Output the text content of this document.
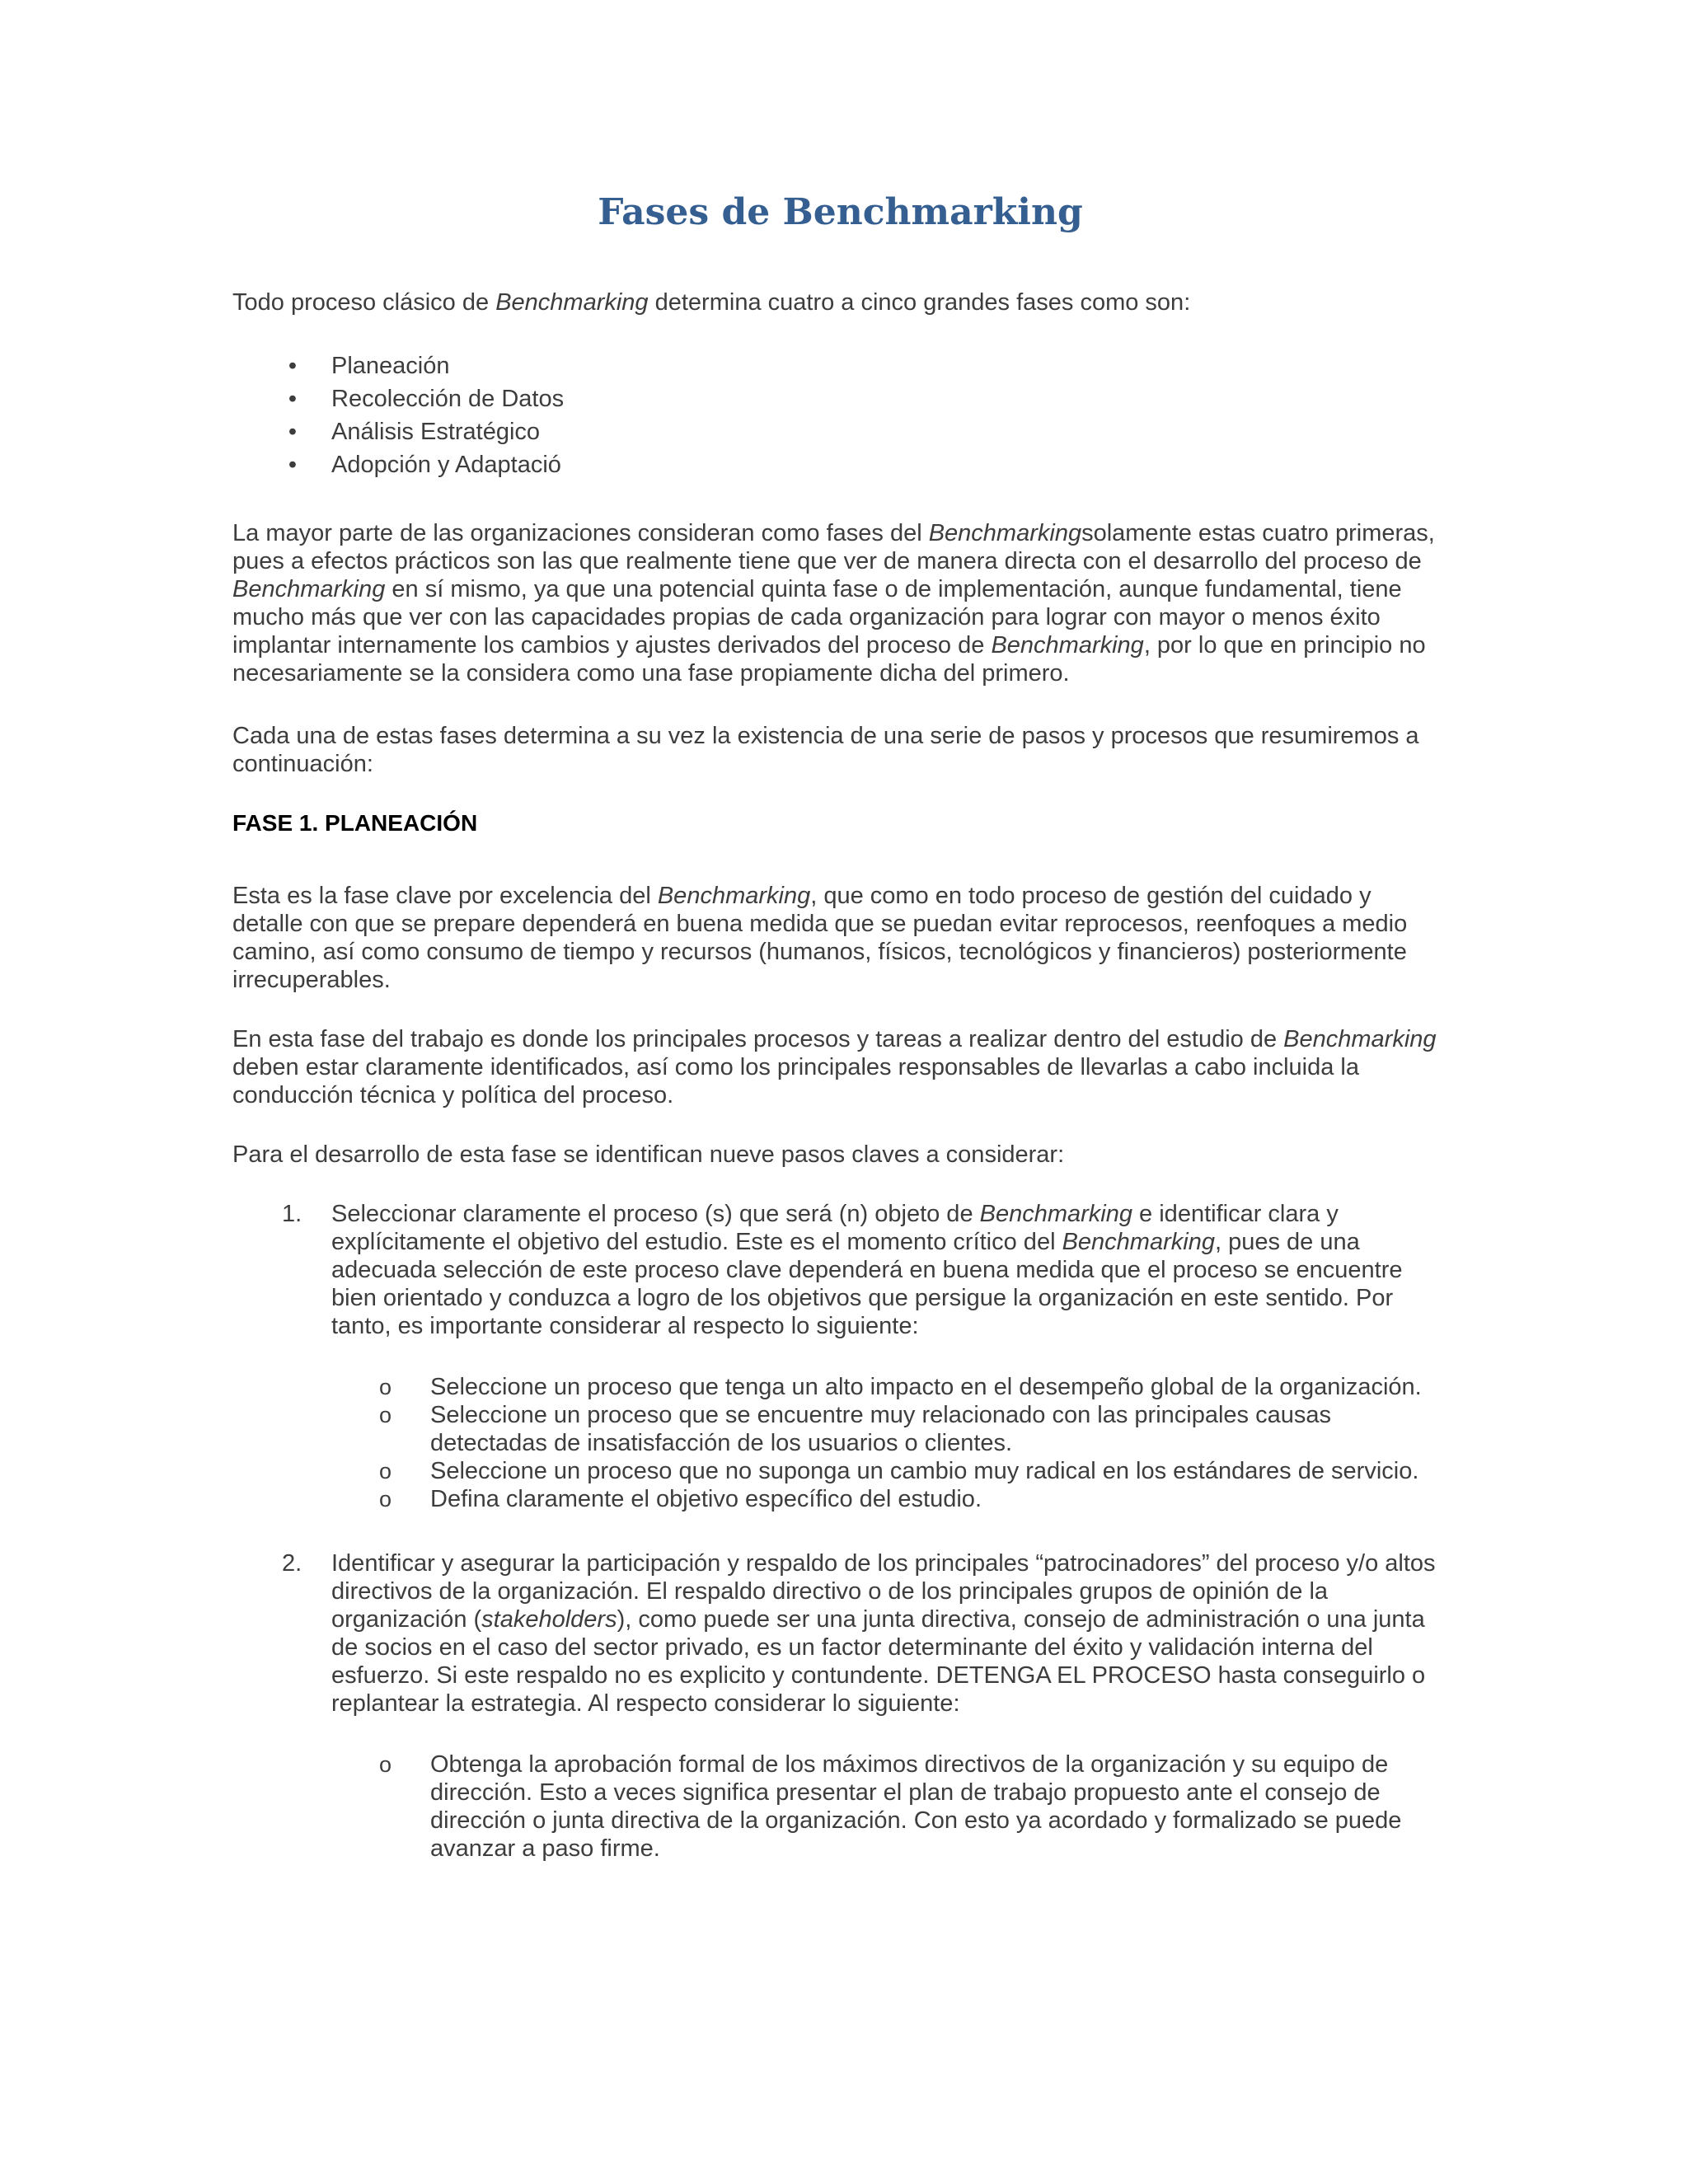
Fases de Benchmarking

Todo proceso clásico de Benchmarking determina cuatro a cinco grandes fases como son:

•	Planeación
•	Recolección de Datos
•	Análisis Estratégico
•	Adopción y Adaptació

La mayor parte de las organizaciones consideran como fases del Benchmarkingsolamente estas cuatro primeras, pues a efectos prácticos son las que realmente tiene que ver de manera directa con el desarrollo del proceso de Benchmarking en sí mismo, ya que una potencial quinta fase o de implementación, aunque fundamental, tiene mucho más que ver con las capacidades propias de cada organización para lograr con mayor o menos éxito implantar internamente los cambios y ajustes derivados del proceso de Benchmarking, por lo que en principio no necesariamente se la considera como una fase propiamente dicha del primero.

Cada una de estas fases determina a su vez la existencia de una serie de pasos y procesos que resumiremos a continuación:

FASE 1. PLANEACIÓN

Esta es la fase clave por excelencia del Benchmarking, que como en todo proceso de gestión del cuidado y detalle con que se prepare dependerá en buena medida que se puedan evitar reprocesos, reenfoques a medio camino, así como consumo de tiempo y recursos (humanos, físicos, tecnológicos y financieros) posteriormente irrecuperables.

En esta fase del trabajo es donde los principales procesos y tareas a realizar dentro del estudio de Benchmarking deben estar claramente identificados, así como los principales responsables de llevarlas a cabo incluida la conducción técnica y política del proceso.

Para el desarrollo de esta fase se identifican nueve pasos claves a considerar:

1.	Seleccionar claramente el proceso (s) que será (n) objeto de Benchmarking e identificar clara y explícitamente el objetivo del estudio. Este es el momento crítico del Benchmarking, pues de una adecuada selección de este proceso clave dependerá en buena medida que el proceso se encuentre bien orientado y conduzca a logro de los objetivos que persigue la organización en este sentido. Por tanto, es importante considerar al respecto lo siguiente:

o Seleccione un proceso que tenga un alto impacto en el desempeño global de la organización.
o Seleccione un proceso que se encuentre muy relacionado con las principales causas detectadas de insatisfacción de los usuarios o clientes.
o Seleccione un proceso que no suponga un cambio muy radical en los estándares de servicio.
o Defina claramente el objetivo específico del estudio.
2.	Identificar y asegurar la participación y respaldo de los principales “patrocinadores” del proceso y/o altos directivos de la organización. El respaldo directivo o de los principales grupos de opinión de la organización (stakeholders), como puede ser una junta directiva, consejo de administración o una junta de socios en el caso del sector privado, es un factor determinante del éxito y validación interna del esfuerzo. Si este respaldo no es explicito y contundente. DETENGA EL PROCESO hasta conseguirlo o replantear la estrategia. Al respecto considerar lo siguiente:

o Obtenga la aprobación formal de los máximos directivos de la organización y su equipo de dirección. Esto a veces significa presentar el plan de trabajo propuesto ante el consejo de dirección o junta directiva de la organización. Con esto ya acordado y formalizado se puede avanzar a paso firme.
